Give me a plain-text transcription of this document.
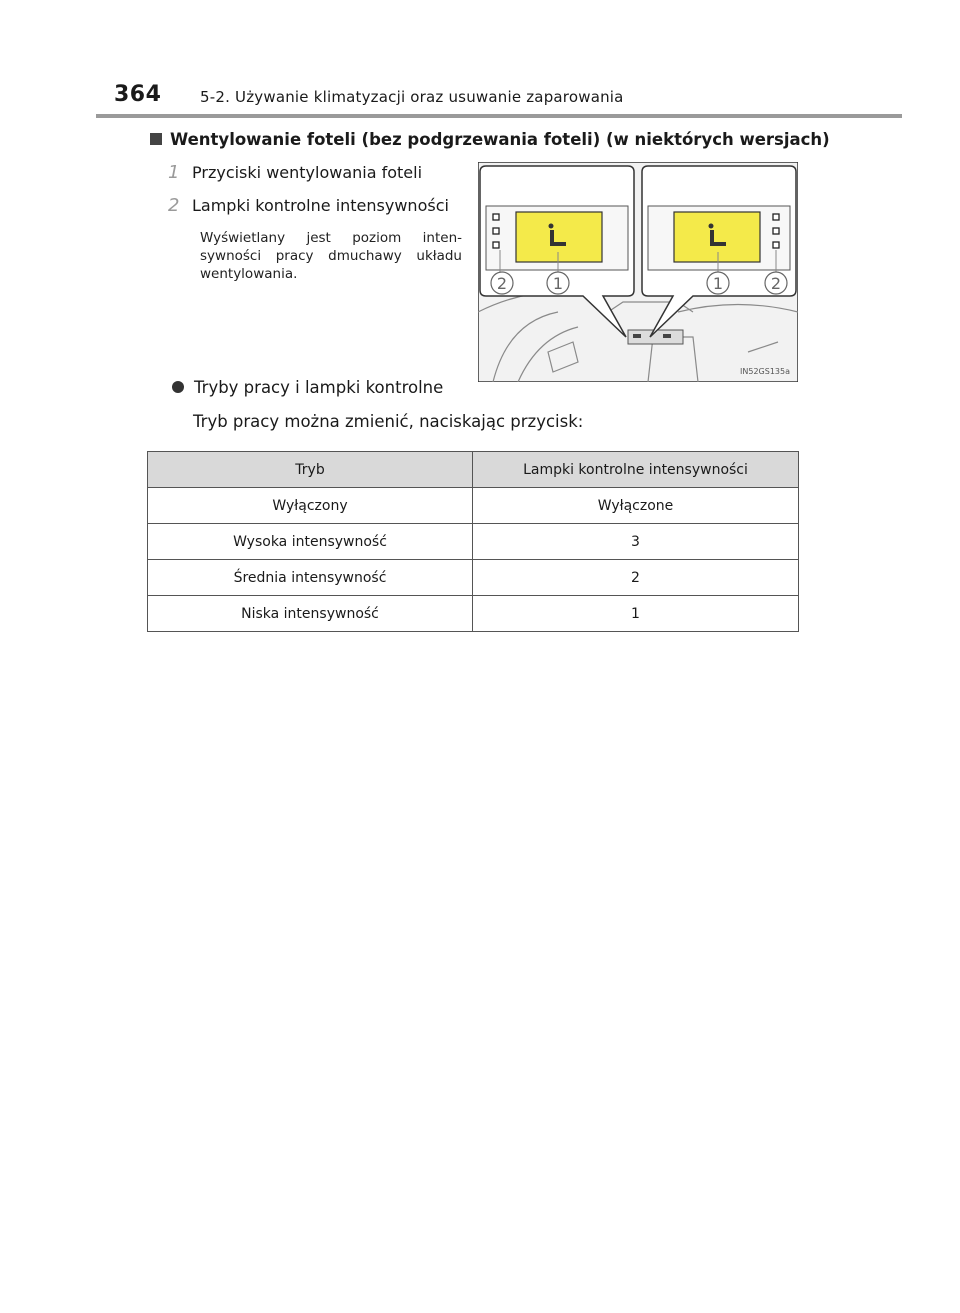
364	5-2. Używanie klimatyzacji oraz usuwanie zaparowania
Wentylowanie foteli (bez podgrzewania foteli) (w niektórych wersjach)
1 Przyciski wentylowania foteli
2 Lampki kontrolne intensywności
Wyświetlany jest poziom inten-sywności pracy dmuchawy układu wentylowania.	2	1	1	2
IN52GS135a
Tryby pracy i lampki kontrolne
Tryb pracy można zmienić, naciskając przycisk:
Tryb	Lampki kontrolne intensywności
Wyłączony	Wyłączone
Wysoka intensywność	3
Średnia intensywność	2
Niska intensywność	1
